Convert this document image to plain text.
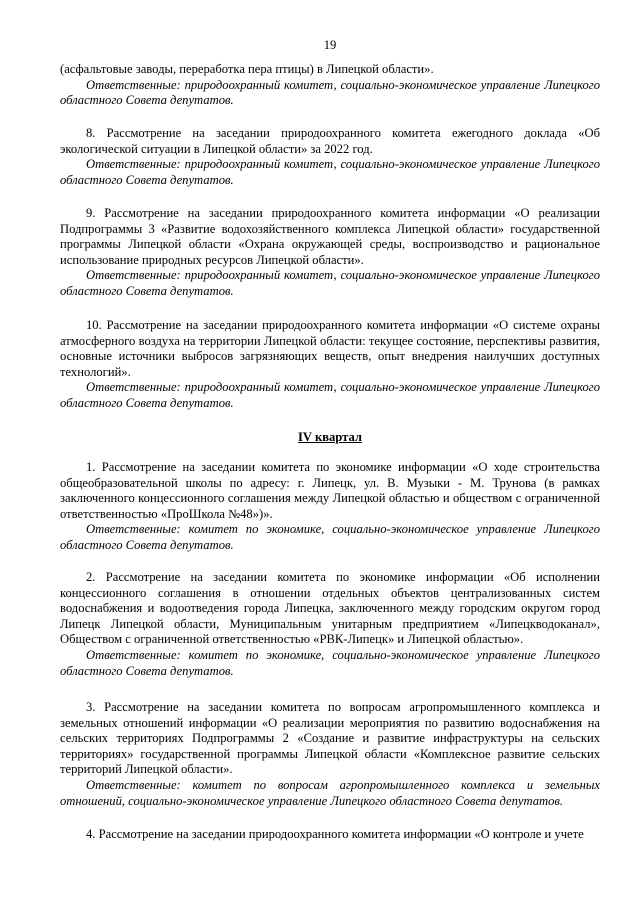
19

(асфальтовые заводы, переработка пера птицы) в Липецкой области».

Ответственные: природоохранный комитет, социально-экономическое управление Липецкого областного Совета депутатов.

8. Рассмотрение на заседании природоохранного комитета ежегодного доклада «Об экологической ситуации в Липецкой области» за 2022 год.

Ответственные: природоохранный комитет, социально-экономическое управление Липецкого областного Совета депутатов.

9. Рассмотрение на заседании природоохранного комитета информации «О реализации Подпрограммы 3 «Развитие водохозяйственного комплекса Липецкой области» государственной программы Липецкой области «Охрана окружающей среды, воспроизводство и рациональное использование природных ресурсов Липецкой области».

Ответственные: природоохранный комитет, социально-экономическое управление Липецкого областного Совета депутатов.

10. Рассмотрение на заседании природоохранного комитета информации «О системе охраны атмосферного воздуха на территории Липецкой области: текущее состояние, перспективы развития, основные источники выбросов загрязняющих веществ, опыт внедрения наилучших доступных технологий».

Ответственные: природоохранный комитет, социально-экономическое управление Липецкого областного Совета депутатов.

IV квартал

1. Рассмотрение на заседании комитета по экономике информации «О ходе строительства общеобразовательной школы по адресу: г. Липецк, ул. В. Музыки - М. Трунова (в рамках заключенного концессионного соглашения между Липецкой областью и обществом с ограниченной ответственностью «ПроШкола №48»)».

Ответственные: комитет по экономике, социально-экономическое управление Липецкого областного Совета депутатов.

2. Рассмотрение на заседании комитета по экономике информации «Об исполнении концессионного соглашения в отношении отдельных объектов централизованных систем водоснабжения и водоотведения города Липецка, заключенного между городским округом город Липецк Липецкой области, Муниципальным унитарным предприятием «Липецкводоканал», Обществом с ограниченной ответственностью «РВК-Липецк» и Липецкой областью».

Ответственные: комитет по экономике, социально-экономическое управление Липецкого областного Совета депутатов.

3. Рассмотрение на заседании комитета по вопросам агропромышленного комплекса и земельных отношений информации «О реализации мероприятия по развитию водоснабжения на сельских территориях Подпрограммы 2 «Создание и развитие инфраструктуры на сельских территориях» государственной программы Липецкой области «Комплексное развитие сельских территорий Липецкой области».

Ответственные: комитет по вопросам агропромышленного комплекса и земельных отношений, социально-экономическое управление Липецкого областного Совета депутатов.

4. Рассмотрение на заседании природоохранного комитета информации «О контроле и учете
